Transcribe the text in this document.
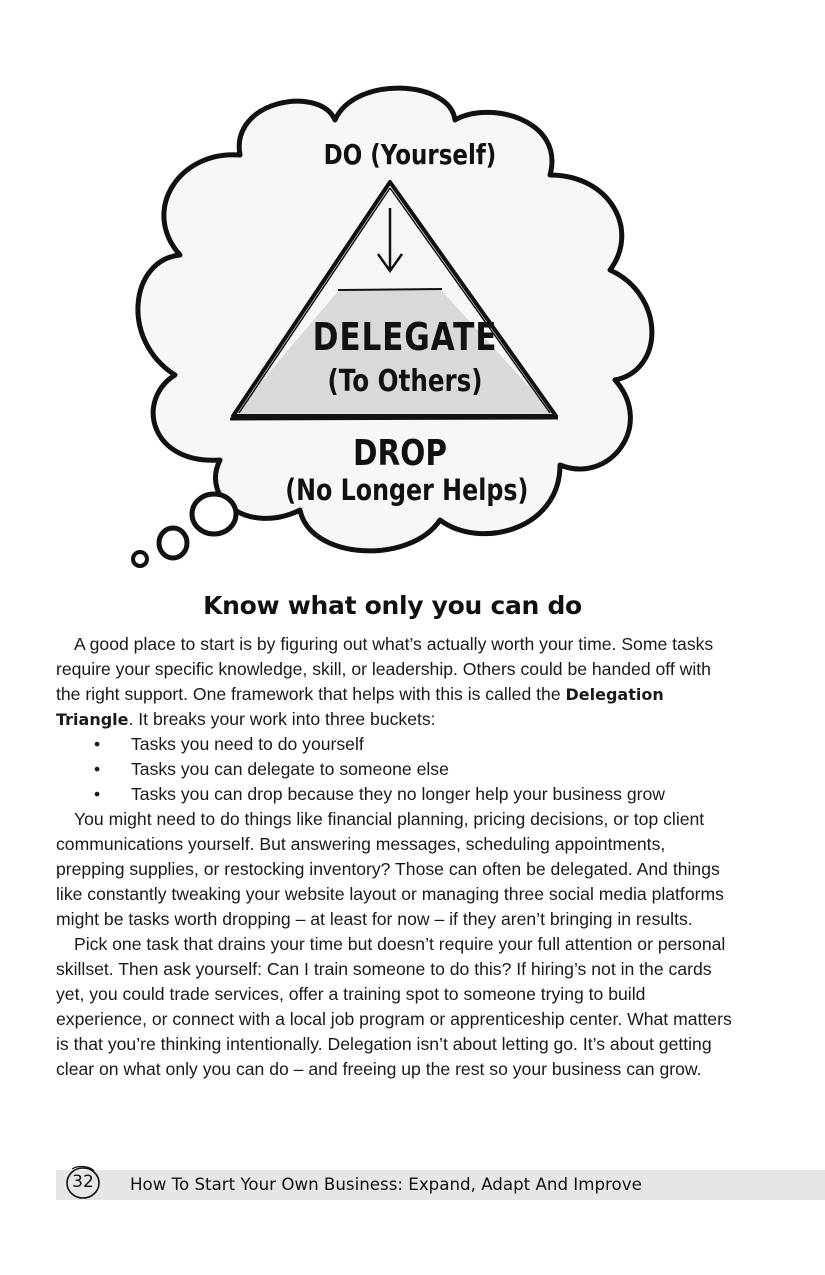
DO (Yourself)
DELEGATE
(To Others)
DROP
(No Longer Helps)
Know what only you can do

A good place to start is by figuring out what’s actually worth your time. Some tasks require your specific knowledge, skill, or leadership. Others could be handed off with the right support. One framework that helps with this is called the Delegation Triangle. It breaks your work into three buckets:

• Tasks you need to do yourself
• Tasks you can delegate to someone else
• Tasks you can drop because they no longer help your business grow

You might need to do things like financial planning, pricing decisions, or top client communications yourself. But answering messages, scheduling appointments, prepping supplies, or restocking inventory? Those can often be delegated. And things like constantly tweaking your website layout or managing three social media platforms might be tasks worth dropping – at least for now – if they aren’t bringing in results.

Pick one task that drains your time but doesn’t require your full attention or personal skillset. Then ask yourself: Can I train someone to do this? If hiring’s not in the cards yet, you could trade services, offer a training spot to someone trying to build experience, or connect with a local job program or apprenticeship center. What matters is that you’re thinking intentionally. Delegation isn’t about letting go. It’s about getting clear on what only you can do – and freeing up the rest so your business can grow.

32	How To Start Your Own Business: Expand, Adapt And Improve
